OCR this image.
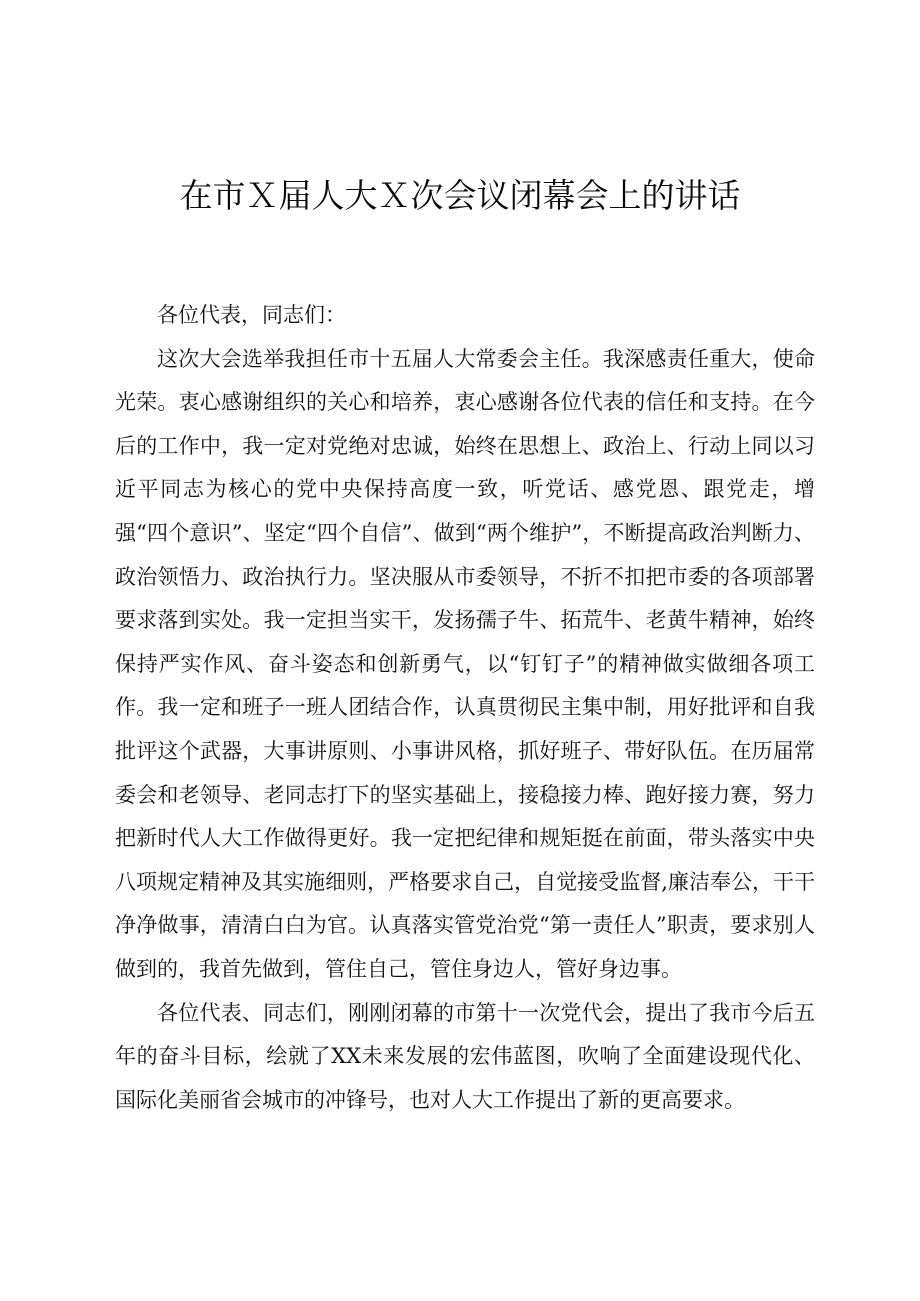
在市Ｘ届人大Ｘ次会议闭幕会上的讲话

各位代表，同志们：

这次大会选举我担任市十五届人大常委会主任。我深感责任重大，使命光荣。衷心感谢组织的关心和培养，衷心感谢各位代表的信任和支持。在今后的工作中，我一定对党绝对忠诚，始终在思想上、政治上、行动上同以习近平同志为核心的党中央保持高度一致，听党话、感党恩、跟党走，增强“四个意识”、坚定“四个自信”、做到“两个维护”，不断提高政治判断力、政治领悟力、政治执行力。坚决服从市委领导，不折不扣把市委的各项部署要求落到实处。我一定担当实干，发扬孺子牛、拓荒牛、老黄牛精神，始终保持严实作风、奋斗姿态和创新勇气，以“钉钉子”的精神做实做细各项工作。我一定和班子一班人团结合作，认真贯彻民主集中制，用好批评和自我批评这个武器，大事讲原则、小事讲风格，抓好班子、带好队伍。在历届常委会和老领导、老同志打下的坚实基础上，接稳接力棒、跑好接力赛，努力把新时代人大工作做得更好。我一定把纪律和规矩挺在前面，带头落实中央八项规定精神及其实施细则，严格要求自己，自觉接受监督,廉洁奉公，干干净净做事，清清白白为官。认真落实管党治党“第一责任人”职责，要求别人做到的，我首先做到，管住自己，管住身边人，管好身边事。

各位代表、同志们，刚刚闭幕的市第十一次党代会，提出了我市今后五年的奋斗目标，绘就了XX未来发展的宏伟蓝图，吹响了全面建设现代化、国际化美丽省会城市的冲锋号，也对人大工作提出了新的更高要求。
